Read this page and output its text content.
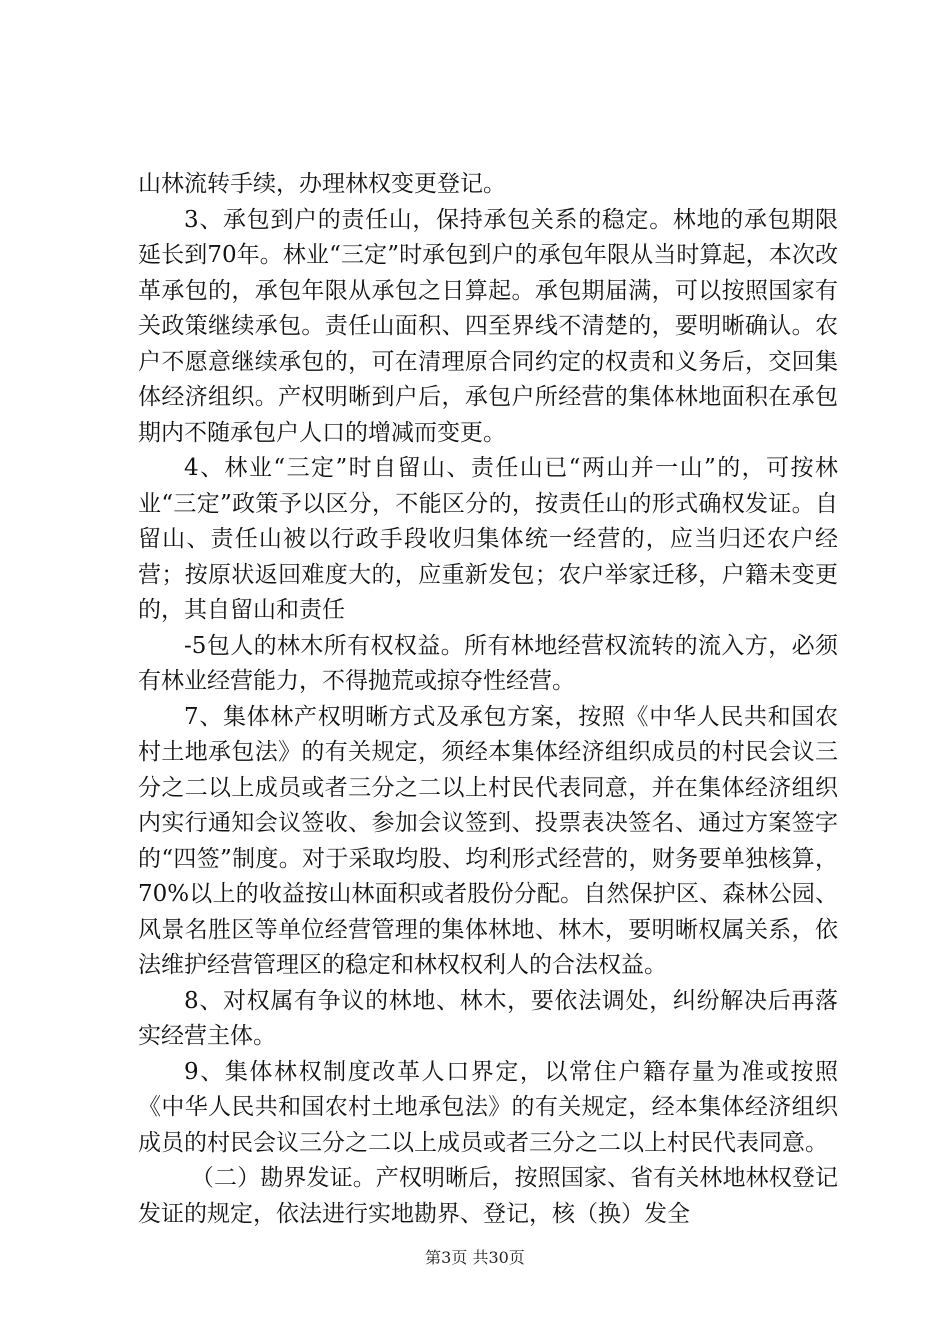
山林流转手续，办理林权变更登记。

3、承包到户的责任山，保持承包关系的稳定。林地的承包期限延长到70年。林业“三定”时承包到户的承包年限从当时算起，本次改革承包的，承包年限从承包之日算起。承包期届满，可以按照国家有关政策继续承包。责任山面积、四至界线不清楚的，要明晰确认。农户不愿意继续承包的，可在清理原合同约定的权责和义务后，交回集体经济组织。产权明晰到户后，承包户所经营的集体林地面积在承包期内不随承包户人口的增减而变更。

4、林业“三定”时自留山、责任山已“两山并一山”的，可按林业“三定”政策予以区分，不能区分的，按责任山的形式确权发证。自留山、责任山被以行政手段收归集体统一经营的，应当归还农户经营；按原状返回难度大的，应重新发包；农户举家迁移，户籍未变更的，其自留山和责任

-5包人的林木所有权权益。所有林地经营权流转的流入方，必须有林业经营能力，不得抛荒或掠夺性经营。

7、集体林产权明晰方式及承包方案，按照《中华人民共和国农村土地承包法》的有关规定，须经本集体经济组织成员的村民会议三分之二以上成员或者三分之二以上村民代表同意，并在集体经济组织内实行通知会议签收、参加会议签到、投票表决签名、通过方案签字的“四签”制度。对于采取均股、均利形式经营的，财务要单独核算，70%以上的收益按山林面积或者股份分配。自然保护区、森林公园、风景名胜区等单位经营管理的集体林地、林木，要明晰权属关系，依法维护经营管理区的稳定和林权权利人的合法权益。

8、对权属有争议的林地、林木，要依法调处，纠纷解决后再落实经营主体。

9、集体林权制度改革人口界定，以常住户籍存量为准或按照《中华人民共和国农村土地承包法》的有关规定，经本集体经济组织成员的村民会议三分之二以上成员或者三分之二以上村民代表同意。

（二）勘界发证。产权明晰后，按照国家、省有关林地林权登记发证的规定，依法进行实地勘界、登记，核（换）发全

第3页 共30页
